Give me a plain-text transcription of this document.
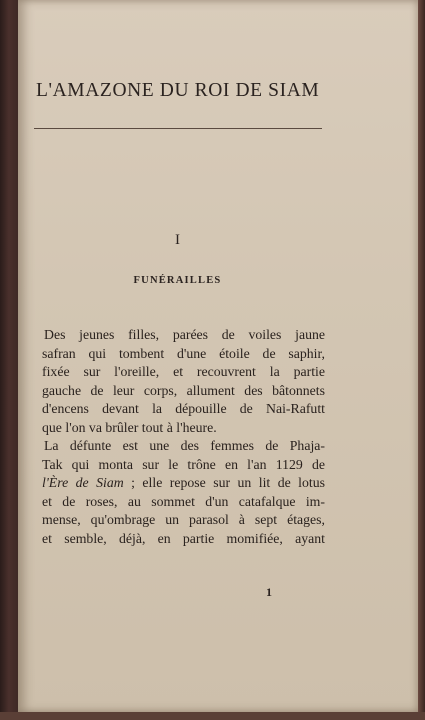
L'AMAZONE DU ROI DE SIAM
I
FUNÉRAILLES
Des jeunes filles, parées de voiles jaune
safran qui tombent d'une étoile de saphir,
fixée sur l'oreille, et recouvrent la partie
gauche de leur corps, allument des bâtonnets
d'encens devant la dépouille de Nai-Rafutt
que l'on va brûler tout à l'heure.
La défunte est une des femmes de Phaja-
Tak qui monta sur le trône en l'an 1129 de
l'Ère de Siam ; elle repose sur un lit de lotus
et de roses, au sommet d'un catafalque im-
mense, qu'ombrage un parasol à sept étages,
et semble, déjà, en partie momifiée, ayant
1
